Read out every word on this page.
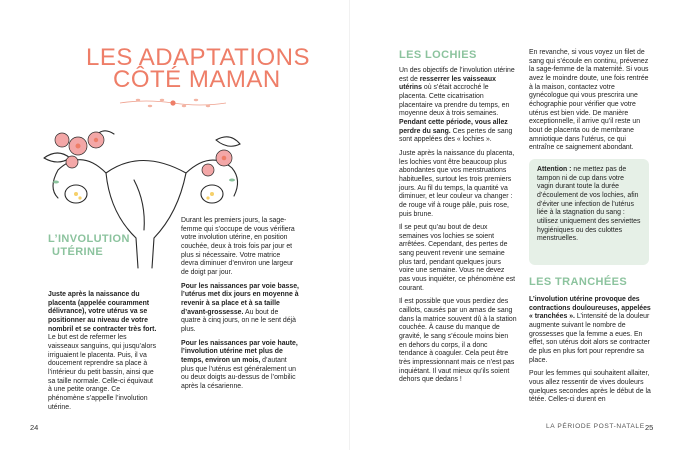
LES ADAPTATIONS
CÔTÉ MAMAN
L’INVOLUTION
UTÉRINE

Juste après la naissance du placenta (appelée couramment délivrance), votre utérus va se positionner au niveau de votre nombril et se contracter très fort. Le but est de refermer les vaisseaux sanguins, qui jusqu’alors irriguaient le placenta. Puis, il va doucement reprendre sa place à l’intérieur du petit bassin, ainsi que sa taille normale. Celle-ci équivaut à une petite orange. Ce phénomène s’appelle l’involution utérine.

Durant les premiers jours, la sage-femme qui s’occupe de vous vérifiera votre involution utérine, en position couchée, deux à trois fois par jour et plus si nécessaire. Votre matrice devra diminuer d’environ une largeur de doigt par jour.

Pour les naissances par voie basse, l’utérus met dix jours en moyenne à revenir à sa place et à sa taille d’avant-grossesse. Au bout de quatre à cinq jours, on ne le sent déjà plus.

Pour les naissances par voie haute, l’involution utérine met plus de temps, environ un mois, d’autant plus que l’utérus est généralement un ou deux doigts au-dessus de l’ombilic après la césarienne.

24
LES LOCHIES

Un des objectifs de l’involution utérine est de resserrer les vaisseaux utérins où s’était accroché le placenta. Cette cicatrisation placentaire va prendre du temps, en moyenne deux à trois semaines. Pendant cette période, vous allez perdre du sang. Ces pertes de sang sont appelées des « lochies ».

Juste après la naissance du placenta, les lochies vont être beaucoup plus abondantes que vos menstruations habituelles, surtout les trois premiers jours. Au fil du temps, la quantité va diminuer, et leur couleur va changer : de rouge vif à rouge pâle, puis rose, puis brune.

Il se peut qu’au bout de deux semaines vos lochies se soient arrêtées. Cependant, des pertes de sang peuvent revenir une semaine plus tard, pendant quelques jours voire une semaine. Vous ne devez pas vous inquiéter, ce phénomène est courant.

Il est possible que vous perdiez des caillots, causés par un amas de sang dans la matrice souvent dû à la station couchée. À cause du manque de gravité, le sang s’écoule moins bien en dehors du corps, il a donc tendance à coaguler. Cela peut être très impressionnant mais ce n’est pas inquiétant. Il vaut mieux qu’ils soient dehors que dedans !

En revanche, si vous voyez un filet de sang qui s’écoule en continu, prévenez la sage-femme de la maternité. Si vous avez le moindre doute, une fois rentrée à la maison, contactez votre gynécologue qui vous prescrira une échographie pour vérifier que votre utérus est bien vide. De manière exceptionnelle, il arrive qu’il reste un bout de placenta ou de membrane amniotique dans l’utérus, ce qui entraîne ce saignement abondant.

Attention : ne mettez pas de tampon ni de cup dans votre vagin durant toute la durée d’écoulement de vos lochies, afin d’éviter une infection de l’utérus liée à la stagnation du sang : utilisez uniquement des serviettes hygiéniques ou des culottes menstruelles.
LES TRANCHÉES

L’involution utérine provoque des contractions douloureuses, appelées « tranchées ». L’intensité de la douleur augmente suivant le nombre de grossesses que la femme a eues. En effet, son utérus doit alors se contracter de plus en plus fort pour reprendre sa place.

Pour les femmes qui souhaitent allaiter, vous allez ressentir de vives douleurs quelques secondes après le début de la tétée. Celles-ci durent en

LA PÉRIODE POST-NATALE 25
